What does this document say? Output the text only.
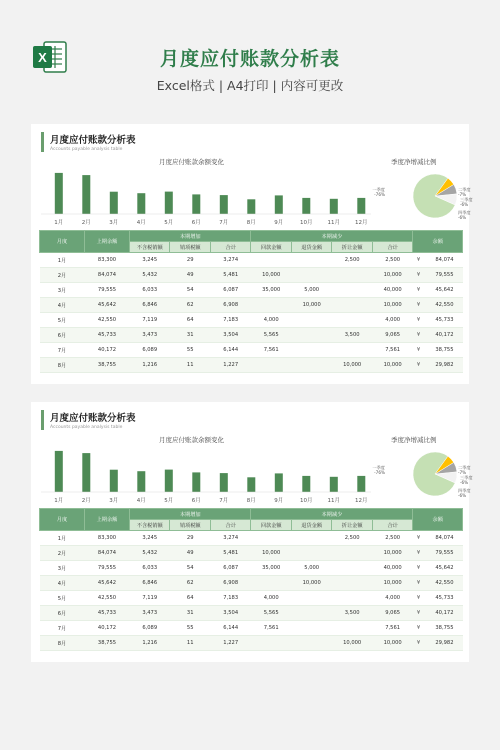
X	月度应付账款分析表
Excel格式 | A4打印 | 内容可更改
月度应付账款分析表
Accounts payable analysis table
月度应付账款余额变化	季度净增减比例
1月	2月	3月	4月	5月	6月	7月	8月	9月	10月	11月	12月
一季度
-76%
二季度
-7%
三季度
-6%
四季度
-6%
月度	上期余额	本期增加			本期减少				余额	
		不含税销额	销项税额	合计	回款金额	退货金额	折让金额	合计		
1月	83,300	3,245	29	3,274			2,500	2,500	¥	84,074
2月	84,074	5,432	49	5,481	10,000			10,000	¥	79,555
3月	79,555	6,033	54	6,087	35,000	5,000		40,000	¥	45,642
4月	45,642	6,846	62	6,908		10,000		10,000	¥	42,550
5月	42,550	7,119	64	7,183	4,000			4,000	¥	45,733
6月	45,733	3,473	31	3,504	5,565		3,500	9,065	¥	40,172
7月	40,172	6,089	55	6,144	7,561			7,561	¥	38,755
8月	38,755	1,216	11	1,227			10,000	10,000	¥	29,982
月度应付账款分析表
Accounts payable analysis table
月度应付账款余额变化	季度净增减比例
1月	2月	3月	4月	5月	6月	7月	8月	9月	10月	11月	12月
一季度
-76%
二季度
-7%
三季度
-6%
四季度
-6%
月度	上期余额	本期增加			本期减少				余额	
		不含税销额	销项税额	合计	回款金额	退货金额	折让金额	合计		
1月	83,300	3,245	29	3,274			2,500	2,500	¥	84,074
2月	84,074	5,432	49	5,481	10,000			10,000	¥	79,555
3月	79,555	6,033	54	6,087	35,000	5,000		40,000	¥	45,642
4月	45,642	6,846	62	6,908		10,000		10,000	¥	42,550
5月	42,550	7,119	64	7,183	4,000			4,000	¥	45,733
6月	45,733	3,473	31	3,504	5,565		3,500	9,065	¥	40,172
7月	40,172	6,089	55	6,144	7,561			7,561	¥	38,755
8月	38,755	1,216	11	1,227			10,000	10,000	¥	29,982
